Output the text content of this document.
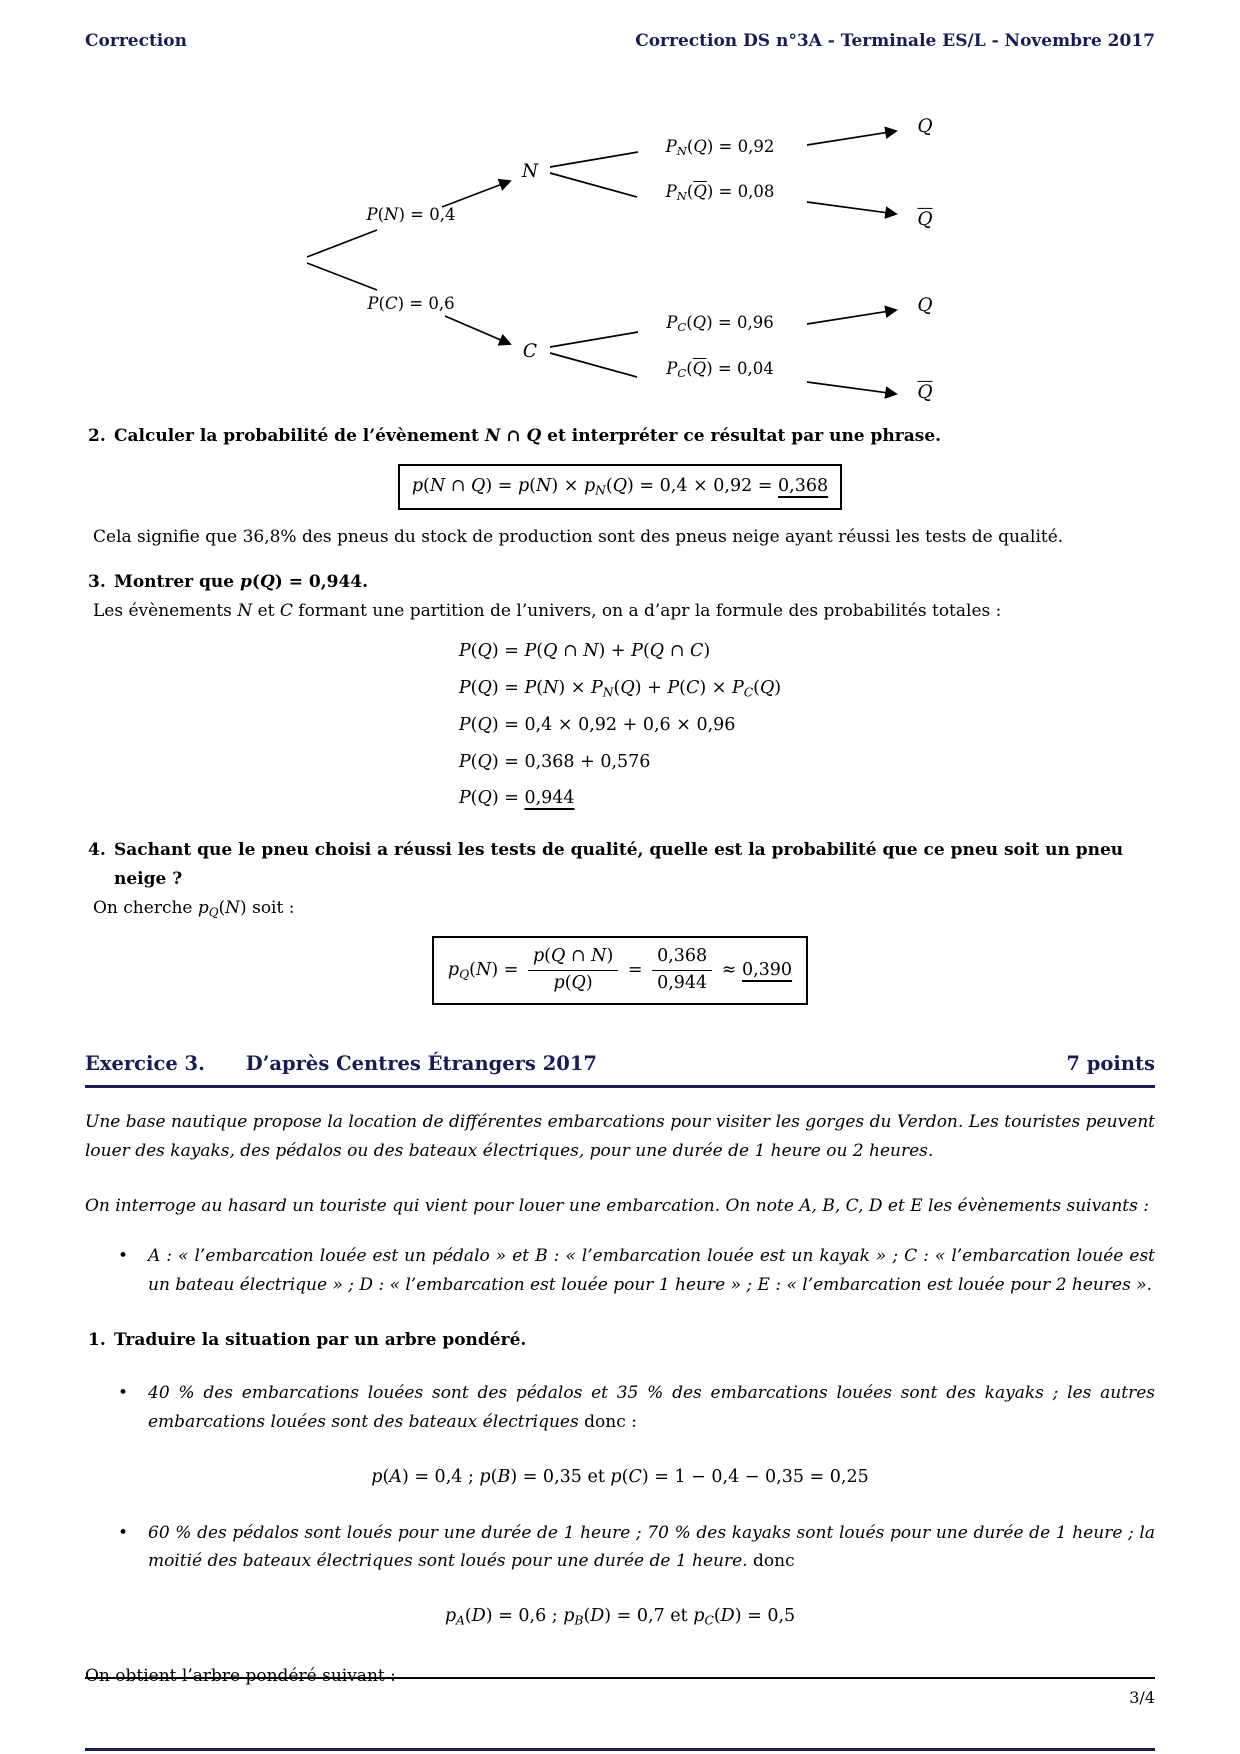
Correction	Correction DS n°3A - Terminale ES/L - Novembre 2017
P(N) = 0,4
P(C) = 0,6
PN(Q) = 0,92
$PN(\overline{Q}) = 0,08$
PC(Q) = 0,96
$PC(\overline{Q}) = 0,04$
N
C
Q
$\overline{Q}$
Q
$\overline{Q}$
2. Calculer la probabilité de l’évènement N ∩ Q et interpréter ce résultat par une phrase.
p(N ∩ Q) = p(N) × pN(Q) = 0,4 × 0,92 = 0,368
Cela signifie que 36,8% des pneus du stock de production sont des pneus neige ayant réussi les tests de qualité.
3. Montrer que p(Q) = 0,944.
Les évènements N et C formant une partition de l’univers, on a d’apr la formule des probabilités totales :
P(Q) = P(Q ∩ N) + P(Q ∩ C)
P(Q) = P(N) × PN(Q) + P(C) × PC(Q)
P(Q) = 0,4 × 0,92 + 0,6 × 0,96
P(Q) = 0,368 + 0,576
P(Q) = 0,944
4. Sachant que le pneu choisi a réussi les tests de qualité, quelle est la probabilité que ce pneu soit un pneu neige ?
On cherche pQ(N) soit :
$pQ(N) = \frac{p(Q \cap N)}{p(Q)} = \frac{0,368}{0,944} \approx 0,390$
Exercice 3. D’après Centres Étrangers 2017	7 points
Une base nautique propose la location de différentes embarcations pour visiter les gorges du Verdon. Les touristes peuvent louer des kayaks, des pédalos ou des bateaux électriques, pour une durée de 1 heure ou 2 heures.
On interroge au hasard un touriste qui vient pour louer une embarcation. On note A, B, C, D et E les évènements suivants :
• A : « l’embarcation louée est un pédalo » et B : « l’embarcation louée est un kayak » ; C : « l’embarcation louée est un bateau électrique » ; D : « l’embarcation est louée pour 1 heure » ; E : « l’embarcation est louée pour 2 heures ».
1. Traduire la situation par un arbre pondéré.
• 40 % des embarcations louées sont des pédalos et 35 % des embarcations louées sont des kayaks ; les autres embarcations louées sont des bateaux électriques donc :
p(A) = 0,4 ; p(B) = 0,35 et p(C) = 1 − 0,4 − 0,35 = 0,25
• 60 % des pédalos sont loués pour une durée de 1 heure ; 70 % des kayaks sont loués pour une durée de 1 heure ; la moitié des bateaux électriques sont loués pour une durée de 1 heure. donc
pA(D) = 0,6 ; pB(D) = 0,7 et pC(D) = 0,5
On obtient l’arbre pondéré suivant :
3/4
